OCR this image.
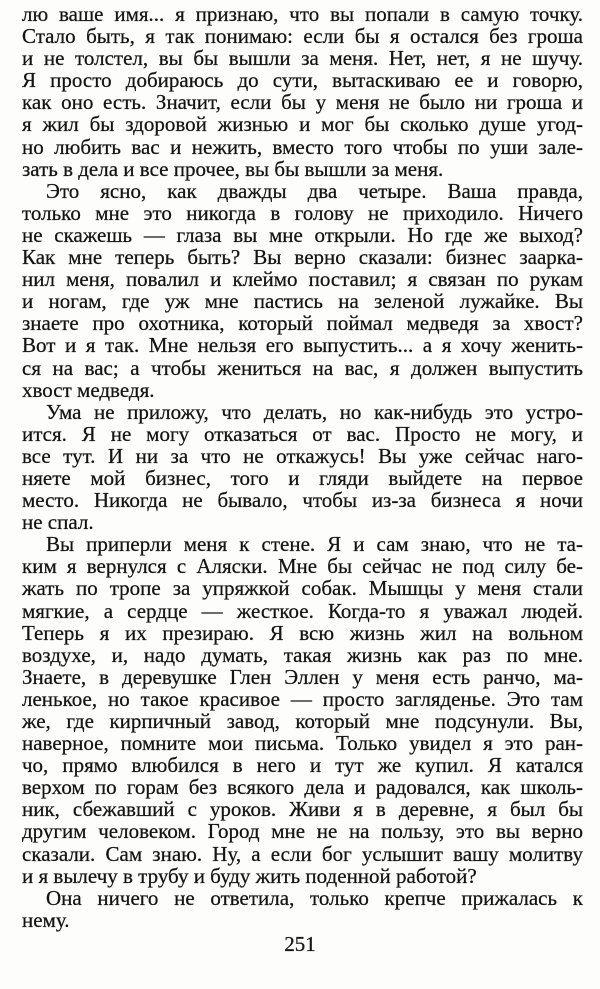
лю ваше имя... я признаю, что вы попали в самую точку.
Стало быть, я так понимаю: если бы я остался без гроша
и не толстел, вы бы вышли за меня. Нет, нет, я не шучу.
Я просто добираюсь до сути, вытаскиваю ее и говорю,
как оно есть. Значит, если бы у меня не было ни гроша и
я жил бы здоровой жизнью и мог бы сколько душе угод-
но любить вас и нежить, вместо того чтобы по уши зале-
зать в дела и все прочее, вы бы вышли за меня.
Это ясно, как дважды два четыре. Ваша правда,
только мне это никогда в голову не приходило. Ничего
не скажешь — глаза вы мне открыли. Но где же выход?
Как мне теперь быть? Вы верно сказали: бизнес заарка-
нил меня, повалил и клеймо поставил; я связан по рукам
и ногам, где уж мне пастись на зеленой лужайке. Вы
знаете про охотника, который поймал медведя за хвост?
Вот и я так. Мне нельзя его выпустить... а я хочу женить-
ся на вас; а чтобы жениться на вас, я должен выпустить
хвост медведя.
Ума не приложу, что делать, но как-нибудь это устро-
ится. Я не могу отказаться от вас. Просто не могу, и
все тут. И ни за что не откажусь! Вы уже сейчас наго-
няете мой бизнес, того и гляди выйдете на первое
место. Никогда не бывало, чтобы из-за бизнеса я ночи
не спал.
Вы приперли меня к стене. Я и сам знаю, что не та-
ким я вернулся с Аляски. Мне бы сейчас не под силу бе-
жать по тропе за упряжкой собак. Мышцы у меня стали
мягкие, а сердце — жесткое. Когда-то я уважал людей.
Теперь я их презираю. Я всю жизнь жил на вольном
воздухе, и, надо думать, такая жизнь как раз по мне.
Знаете, в деревушке Глен Эллен у меня есть ранчо, ма-
ленькое, но такое красивое — просто загляденье. Это там
же, где кирпичный завод, который мне подсунули. Вы,
наверное, помните мои письма. Только увидел я это ран-
чо, прямо влюбился в него и тут же купил. Я катался
верхом по горам без всякого дела и радовался, как школь-
ник, сбежавший с уроков. Живи я в деревне, я был бы
другим человеком. Город мне не на пользу, это вы верно
сказали. Сам знаю. Ну, а если бог услышит вашу молитву
и я вылечу в трубу и буду жить поденной работой?
Она ничего не ответила, только крепче прижалась к
нему.
251
